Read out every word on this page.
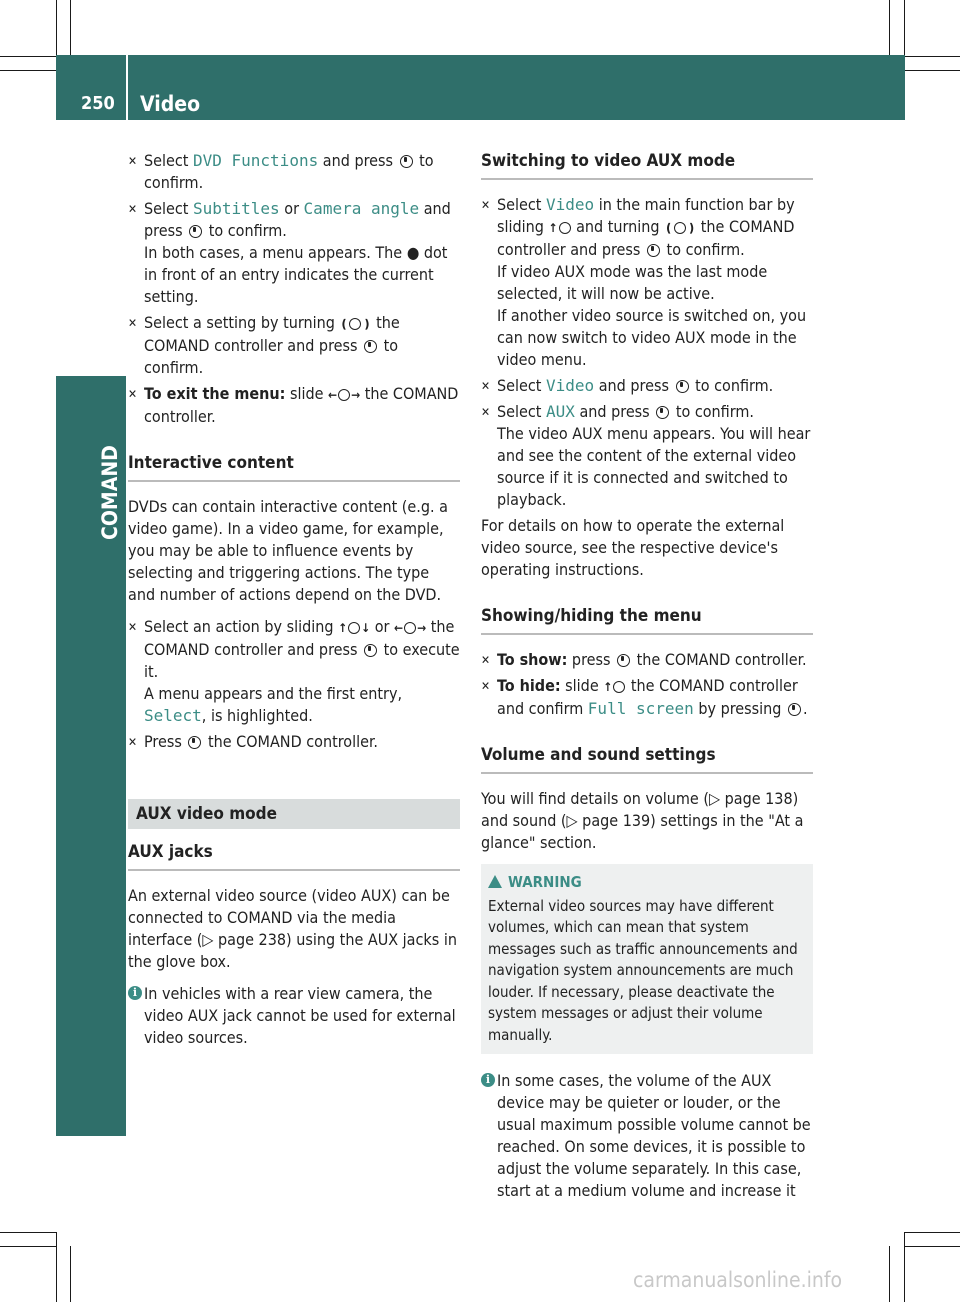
250 Video
COMAND
✕ Select DVD Functions and press  to confirm.
✕ Select Subtitles or Camera angle and press  to confirm.
In both cases, a menu appears. The ● dot in front of an entry indicates the current setting.
✕ Select a setting by turning ❪ ❫ the COMAND controller and press  to confirm.
✕ To exit the menu: slide ← → the COMAND controller.
Interactive content
DVDs can contain interactive content (e.g. a video game). In a video game, for example, you may be able to influence events by selecting and triggering actions. The type and number of actions depend on the DVD.
✕ Select an action by sliding ↑ ↓ or ← → the COMAND controller and press  to execute it.
A menu appears and the first entry, Select, is highlighted.
✕ Press  the COMAND controller.
AUX video mode
AUX jacks
An external video source (video AUX) can be connected to COMAND via the media interface (▷ page 238) using the AUX jacks in the glove box.
i In vehicles with a rear view camera, the video AUX jack cannot be used for external video sources.
Switching to video AUX mode
✕ Select Video in the main function bar by sliding ↑ and turning ❪ ❫ the COMAND controller and press  to confirm.
If video AUX mode was the last mode selected, it will now be active.
If another video source is switched on, you can now switch to video AUX mode in the video menu.
✕ Select Video and press  to confirm.
✕ Select AUX and press  to confirm.
The video AUX menu appears. You will hear and see the content of the external video source if it is connected and switched to playback.
For details on how to operate the external video source, see the respective device's operating instructions.
Showing/hiding the menu
✕ To show: press  the COMAND controller.
✕ To hide: slide ↑ the COMAND controller and confirm Full screen by pressing .
Volume and sound settings
You will find details on volume (▷ page 138) and sound (▷ page 139) settings in the "At a glance" section.
WARNING
External video sources may have different volumes, which can mean that system messages such as traffic announcements and navigation system announcements are much louder. If necessary, please deactivate the system messages or adjust their volume manually.
i In some cases, the volume of the AUX device may be quieter or louder, or the usual maximum possible volume cannot be reached. On some devices, it is possible to adjust the volume separately. In this case, start at a medium volume and increase it
carmanualsonline.info
